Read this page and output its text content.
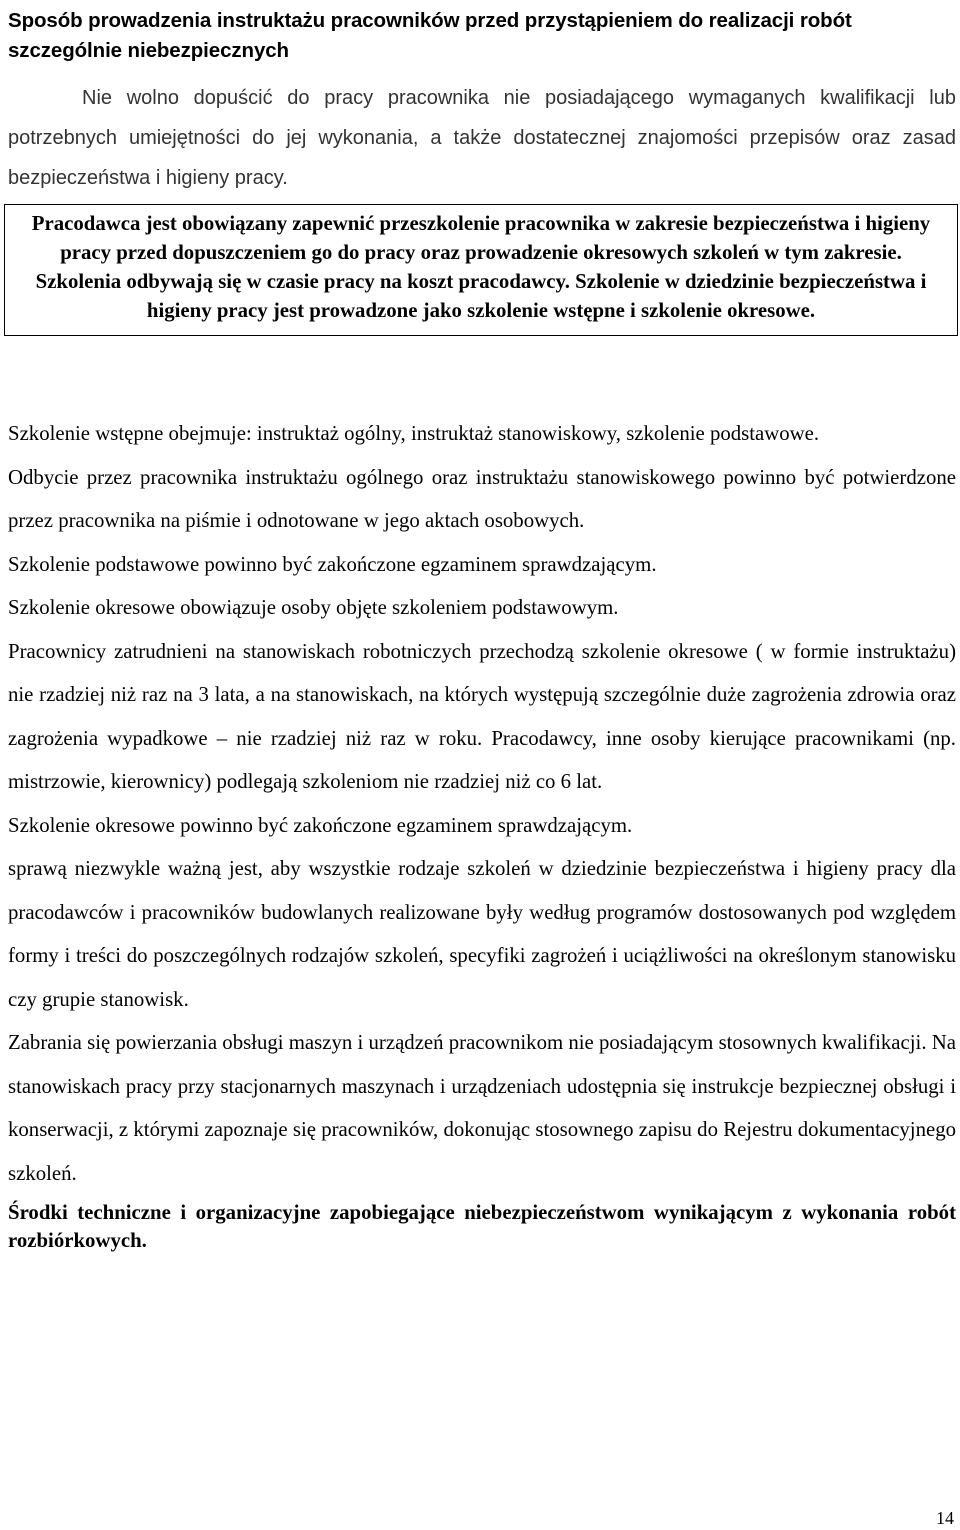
Sposób prowadzenia instruktażu pracowników przed przystąpieniem do realizacji robót szczególnie niebezpiecznych

Nie wolno dopuścić do pracy pracownika nie posiadającego wymaganych kwalifikacji lub potrzebnych umiejętności do jej wykonania, a także dostatecznej znajomości przepisów oraz zasad bezpieczeństwa i higieny pracy.

Pracodawca jest obowiązany zapewnić przeszkolenie pracownika w zakresie bezpieczeństwa i higieny pracy przed dopuszczeniem go do pracy oraz prowadzenie okresowych szkoleń w tym zakresie. Szkolenia odbywają się w czasie pracy na koszt pracodawcy. Szkolenie w dziedzinie bezpieczeństwa i higieny pracy jest prowadzone jako szkolenie wstępne i szkolenie okresowe.

Szkolenie wstępne obejmuje: instruktaż ogólny, instruktaż stanowiskowy, szkolenie podstawowe.

Odbycie przez pracownika instruktażu ogólnego oraz instruktażu stanowiskowego powinno być potwierdzone przez pracownika na piśmie i odnotowane w jego aktach osobowych.

Szkolenie podstawowe powinno być zakończone egzaminem sprawdzającym.

Szkolenie okresowe obowiązuje osoby objęte szkoleniem podstawowym.

Pracownicy zatrudnieni na stanowiskach robotniczych przechodzą szkolenie okresowe ( w formie instruktażu) nie rzadziej niż raz na 3 lata, a na stanowiskach, na których występują szczególnie duże zagrożenia zdrowia oraz zagrożenia wypadkowe – nie rzadziej niż raz w roku. Pracodawcy, inne osoby kierujące pracownikami (np. mistrzowie, kierownicy) podlegają szkoleniom nie rzadziej niż co 6 lat.

Szkolenie okresowe powinno być zakończone egzaminem sprawdzającym.

sprawą niezwykle ważną jest, aby wszystkie rodzaje szkoleń w dziedzinie bezpieczeństwa i higieny pracy dla pracodawców i pracowników budowlanych realizowane były według programów dostosowanych pod względem formy i treści do poszczególnych rodzajów szkoleń, specyfiki zagrożeń i uciążliwości na określonym stanowisku czy grupie stanowisk.

Zabrania się powierzania obsługi maszyn i urządzeń pracownikom nie posiadającym stosownych kwalifikacji. Na stanowiskach pracy przy stacjonarnych maszynach i urządzeniach udostępnia się instrukcje bezpiecznej obsługi i konserwacji, z którymi zapoznaje się pracowników, dokonując stosownego zapisu do Rejestru dokumentacyjnego szkoleń.

Środki techniczne i organizacyjne zapobiegające niebezpieczeństwom wynikającym z wykonania robót rozbiórkowych.
14
